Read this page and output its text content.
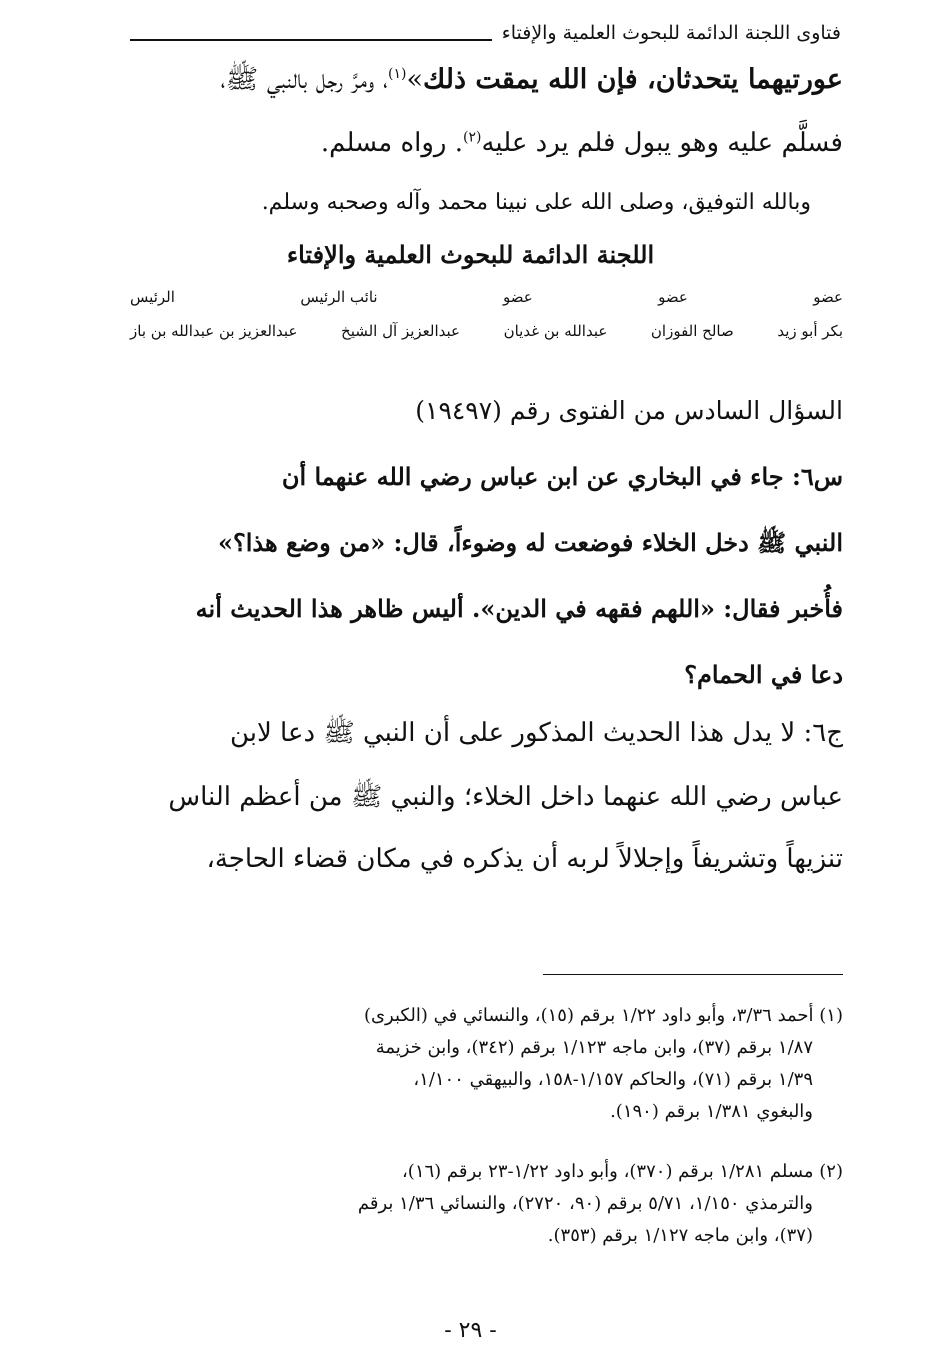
فتاوى اللجنة الدائمة للبحوث العلمية والإفتاء
عورتيهما يتحدثان، فإن الله يمقت ذلك»$^{(١)}$، ومرَّ رجل بالنبي ﷺ،
فسلَّم عليه وهو يبول فلم يرد عليه$^{(٢)}$. رواه مسلم.
وبالله التوفيق، وصلى الله على نبينا محمد وآله وصحبه وسلم.
اللجنة الدائمة للبحوث العلمية والإفتاء
عضو
عضو
عضو
نائب الرئيس
الرئيس
بكر أبو زيد
صالح الفوزان
عبدالله بن غديان
عبدالعزيز آل الشيخ
عبدالعزيز بن عبدالله بن باز
السؤال السادس من الفتوى رقم (١٩٤٩٧)
س٦: جاء في البخاري عن ابن عباس رضي الله عنهما أن
النبي ﷺ دخل الخلاء فوضعت له وضوءاً، قال: «من وضع هذا؟»
فأُخبر فقال: «اللهم فقهه في الدين». أليس ظاهر هذا الحديث أنه
دعا في الحمام؟
ج٦: لا يدل هذا الحديث المذكور على أن النبي ﷺ دعا لابن
عباس رضي الله عنهما داخل الخلاء؛ والنبي ﷺ من أعظم الناس
تنزيهاً وتشريفاً وإجلالاً لربه أن يذكره في مكان قضاء الحاجة،
(١) أحمد ٣/٣٦، وأبو داود ١/٢٢ برقم (١٥)، والنسائي في (الكبرى)
١/٨٧ برقم (٣٧)، وابن ماجه ١/١٢٣ برقم (٣٤٢)، وابن خزيمة
١/٣٩ برقم (٧١)، والحاكم ١/١٥٧-١٥٨، والبيهقي ١/١٠٠،
والبغوي ١/٣٨١ برقم (١٩٠).
(٢) مسلم ١/٢٨١ برقم (٣٧٠)، وأبو داود ١/٢٢-٢٣ برقم (١٦)،
والترمذي ١/١٥٠، ٥/٧١ برقم (٩٠، ٢٧٢٠)، والنسائي ١/٣٦ برقم
(٣٧)، وابن ماجه ١/١٢٧ برقم (٣٥٣).
- ٢٩ -
